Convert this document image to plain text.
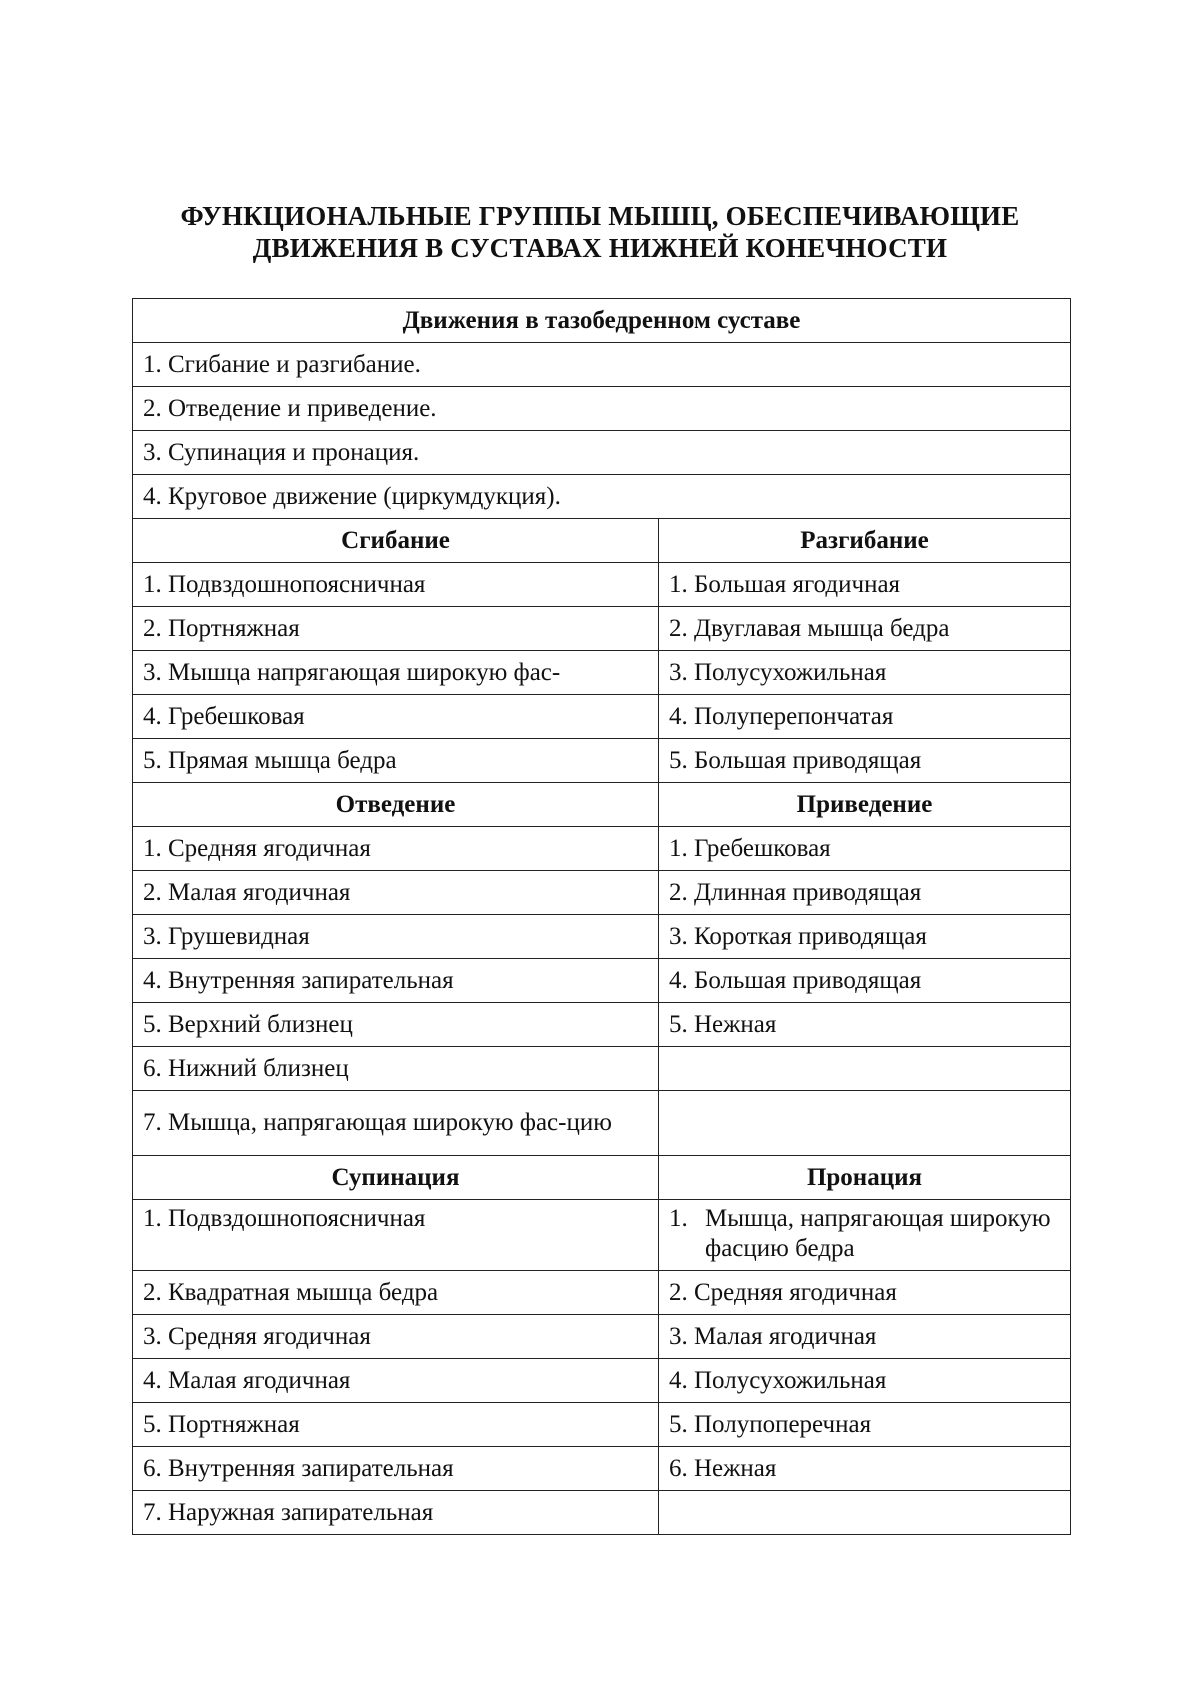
ФУНКЦИОНАЛЬНЫЕ ГРУППЫ МЫШЦ, ОБЕСПЕЧИВАЮЩИЕ
ДВИЖЕНИЯ В СУСТАВАХ НИЖНЕЙ КОНЕЧНОСТИ
Движения в тазобедренном суставе	
1. Сгибание и разгибание.	
2. Отведение и приведение.	
3. Супинация и пронация.	
4. Круговое движение (циркумдукция).	
Сгибание	Разгибание
1. Подвздошнопоясничная	1. Большая ягодичная
2. Портняжная	2. Двуглавая мышца бедра
3. Мышца напрягающая широкую фас-	3. Полусухожильная
4. Гребешковая	4. Полуперепончатая
5. Прямая мышца бедра	5. Большая приводящая
Отведение	Приведение
1. Средняя ягодичная	1. Гребешковая
2. Малая ягодичная	2. Длинная приводящая
3. Грушевидная	3. Короткая приводящая
4. Внутренняя запирательная	4. Большая приводящая
5. Верхний близнец	5. Нежная
6. Нижний близнец	
7. Мышца, напрягающая широкую фас-цию	
Супинация	Пронация
1. Подвздошнопоясничная	1. Мышца, напрягающая широкую фасцию бедра
2. Квадратная мышца бедра	2. Средняя ягодичная
3. Средняя ягодичная	3. Малая ягодичная
4. Малая ягодичная	4. Полусухожильная
5. Портняжная	5. Полупоперечная
6. Внутренняя запирательная	6. Нежная
7. Наружная запирательная	
